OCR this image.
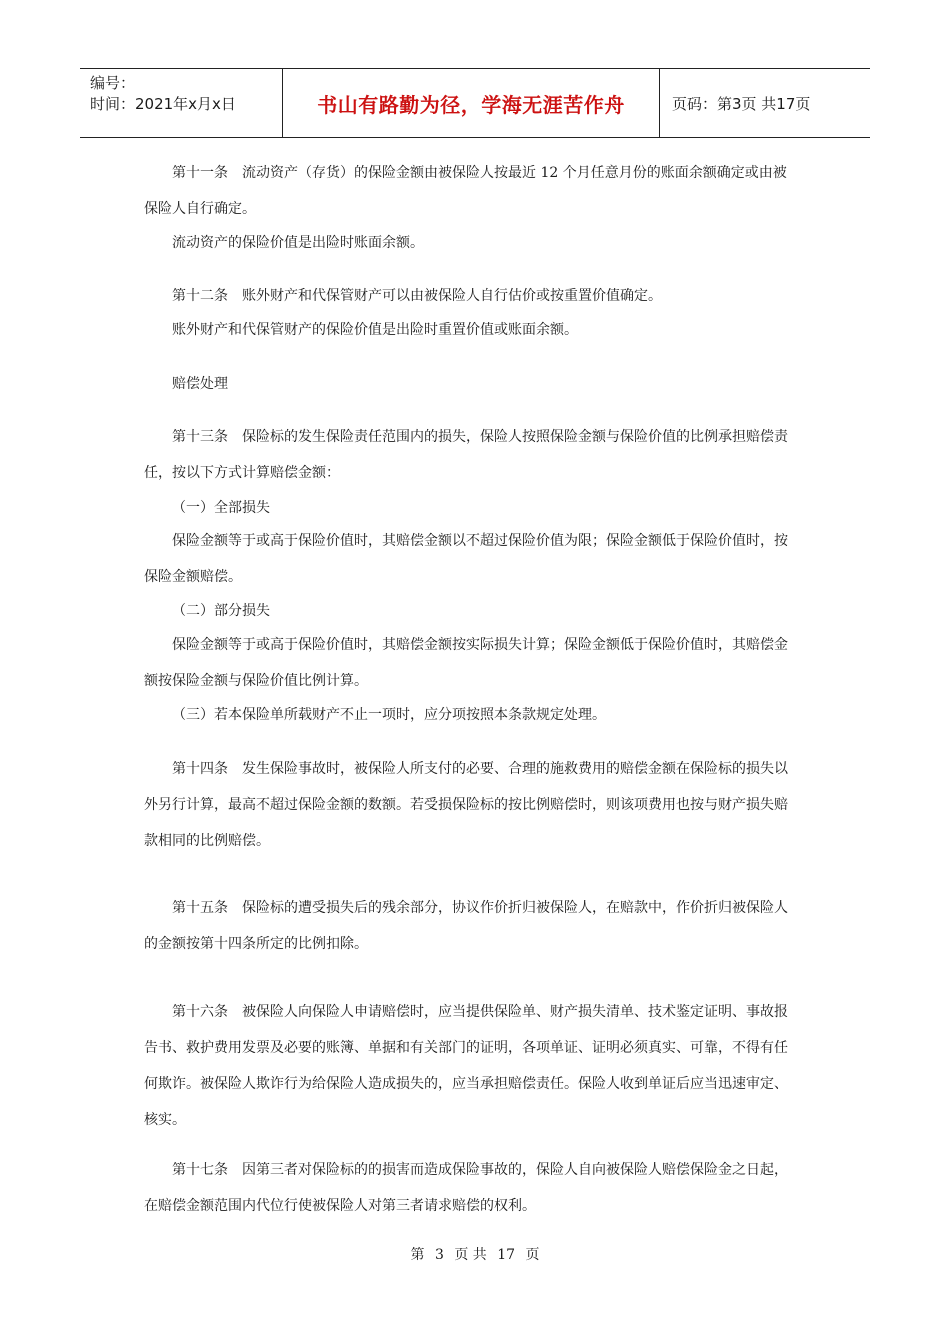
编号：
时间：2021年x月x日	书山有路勤为径，学海无涯苦作舟	页码：第3页 共17页
第十一条　流动资产（存货）的保险金额由被保险人按最近 12 个月任意月份的账面余额确定或由被
保险人自行确定。
流动资产的保险价值是出险时账面余额。
第十二条　账外财产和代保管财产可以由被保险人自行估价或按重置价值确定。
账外财产和代保管财产的保险价值是出险时重置价值或账面余额。
赔偿处理
第十三条　保险标的发生保险责任范围内的损失，保险人按照保险金额与保险价值的比例承担赔偿责
任，按以下方式计算赔偿金额：
（一）全部损失
保险金额等于或高于保险价值时，其赔偿金额以不超过保险价值为限；保险金额低于保险价值时，按
保险金额赔偿。
（二）部分损失
保险金额等于或高于保险价值时，其赔偿金额按实际损失计算；保险金额低于保险价值时，其赔偿金
额按保险金额与保险价值比例计算。
（三）若本保险单所载财产不止一项时，应分项按照本条款规定处理。
第十四条　发生保险事故时，被保险人所支付的必要、合理的施救费用的赔偿金额在保险标的损失以
外另行计算，最高不超过保险金额的数额。若受损保险标的按比例赔偿时，则该项费用也按与财产损失赔
款相同的比例赔偿。
第十五条　保险标的遭受损失后的残余部分，协议作价折归被保险人，在赔款中，作价折归被保险人
的金额按第十四条所定的比例扣除。
第十六条　被保险人向保险人申请赔偿时，应当提供保险单、财产损失清单、技术鉴定证明、事故报
告书、救护费用发票及必要的账簿、单据和有关部门的证明，各项单证、证明必须真实、可靠，不得有任
何欺诈。被保险人欺诈行为给保险人造成损失的，应当承担赔偿责任。保险人收到单证后应当迅速审定、
核实。
第十七条　因第三者对保险标的的损害而造成保险事故的，保险人自向被保险人赔偿保险金之日起，
在赔偿金额范围内代位行使被保险人对第三者请求赔偿的权利。
第 3 页 共 17 页
